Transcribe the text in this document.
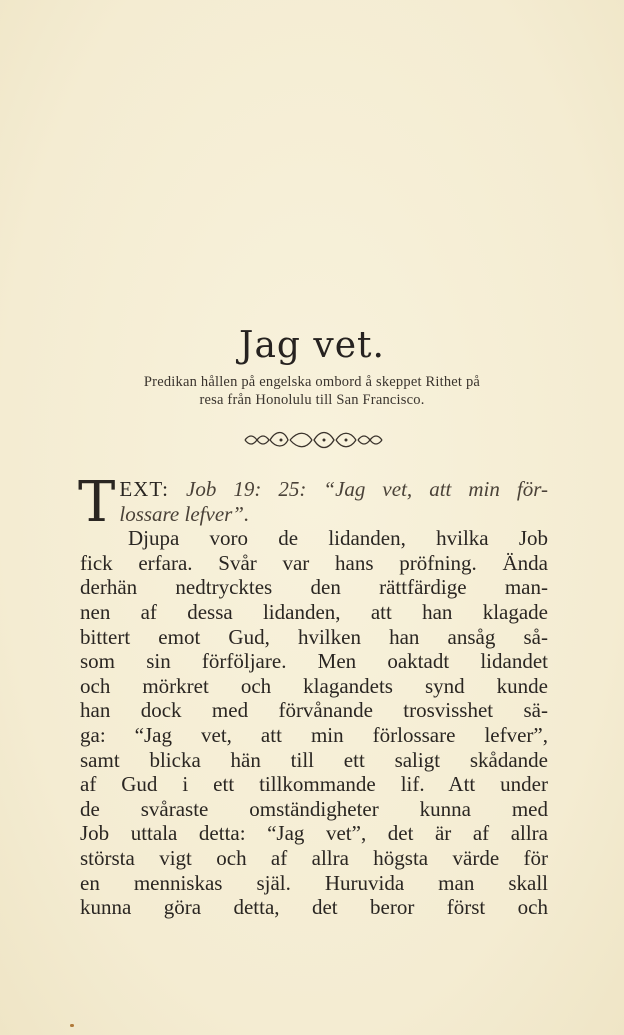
Jag vet.
Predikan hållen på engelska ombord å skeppet Rithet på
resa från Honolulu till San Francisco.
T EXT: Job 19: 25: “Jag vet, att min för-
lossare lefver”.
Djupa voro de lidanden, hvilka Job
fick erfara. Svår var hans pröfning. Ända
derhän nedtrycktes den rättfärdige man-
nen af dessa lidanden, att han klagade
bittert emot Gud, hvilken han ansåg så-
som sin förföljare. Men oaktadt lidandet
och mörkret och klagandets synd kunde
han dock med förvånande trosvisshet sä-
ga: “Jag vet, att min förlossare lefver”,
samt blicka hän till ett saligt skådande
af Gud i ett tillkommande lif. Att under
de svåraste omständigheter kunna med
Job uttala detta: “Jag vet”, det är af allra
största vigt och af allra högsta värde för
en menniskas själ. Huruvida man skall
kunna göra detta, det beror först och
